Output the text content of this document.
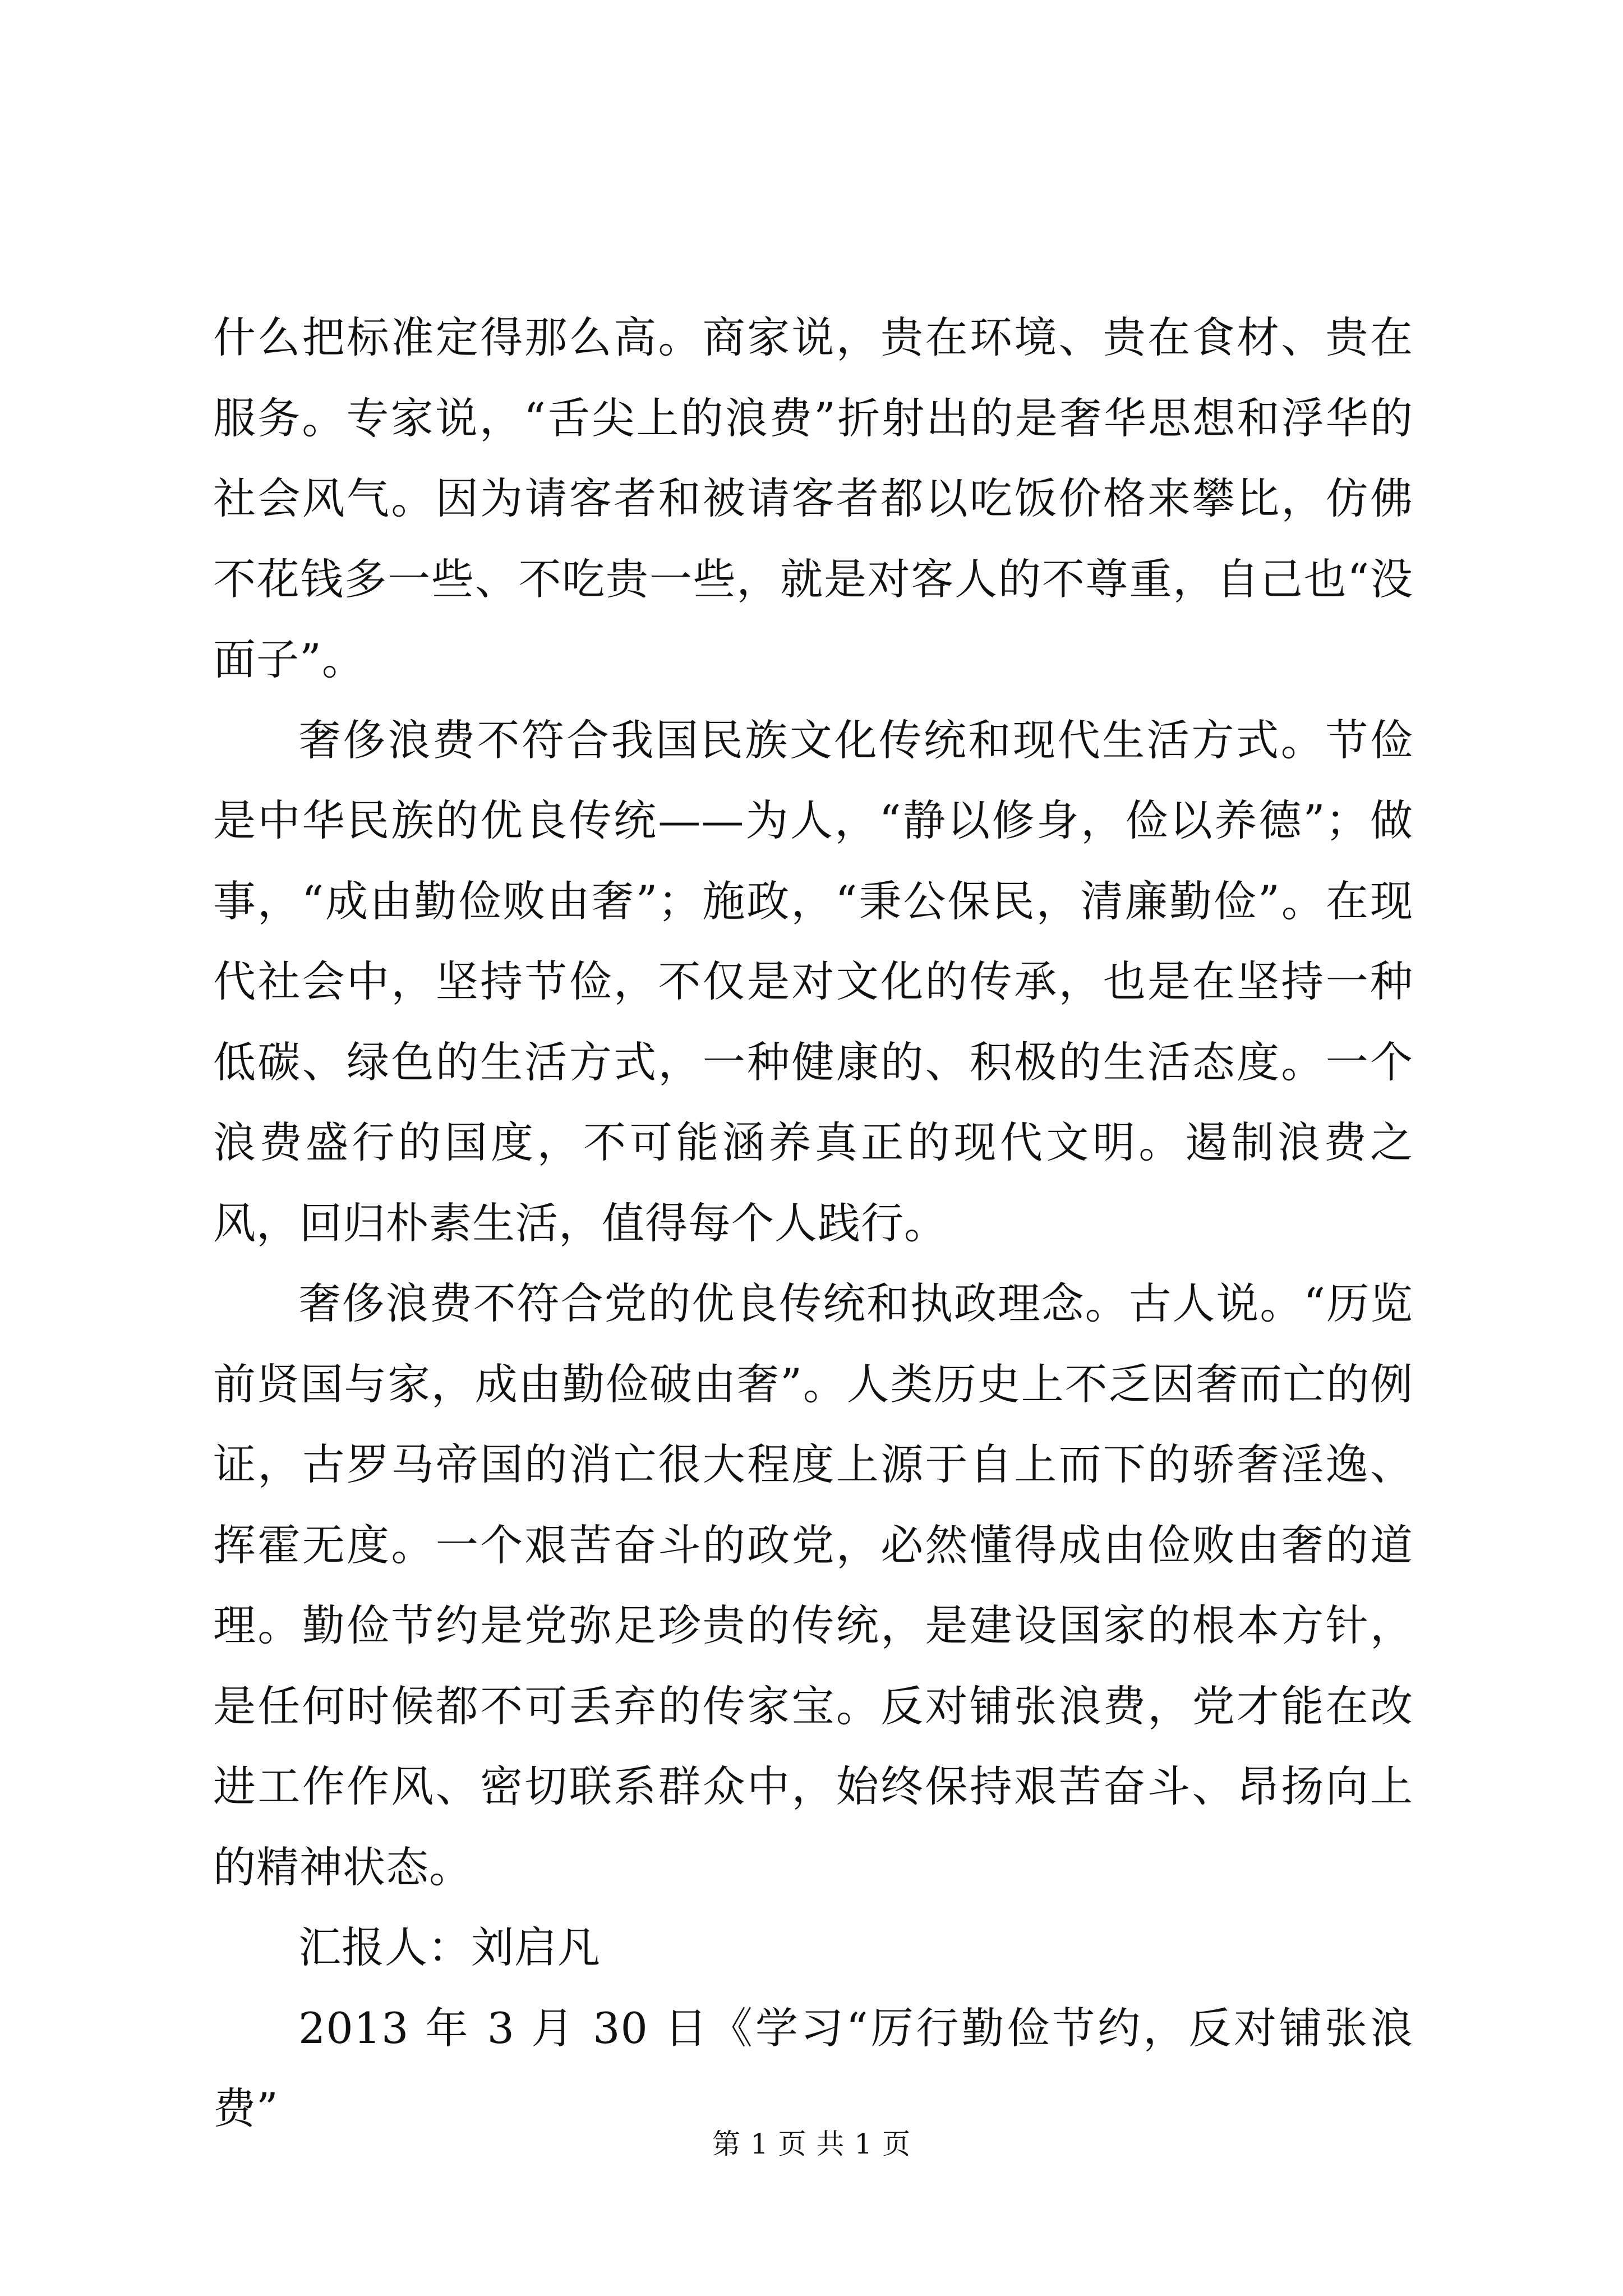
什么把标准定得那么高。商家说，贵在环境、贵在食材、贵在服务。专家说，“舌尖上的浪费”折射出的是奢华思想和浮华的社会风气。因为请客者和被请客者都以吃饭价格来攀比，仿佛不花钱多一些、不吃贵一些，就是对客人的不尊重，自己也“没面子”。

奢侈浪费不符合我国民族文化传统和现代生活方式。节俭是中华民族的优良传统——为人，“静以修身，俭以养德”；做事，“成由勤俭败由奢”；施政，“秉公保民，清廉勤俭”。在现代社会中，坚持节俭，不仅是对文化的传承，也是在坚持一种低碳、绿色的生活方式，一种健康的、积极的生活态度。一个浪费盛行的国度，不可能涵养真正的现代文明。遏制浪费之风，回归朴素生活，值得每个人践行。

奢侈浪费不符合党的优良传统和执政理念。古人说。“历览前贤国与家，成由勤俭破由奢”。人类历史上不乏因奢而亡的例证，古罗马帝国的消亡很大程度上源于自上而下的骄奢淫逸、挥霍无度。一个艰苦奋斗的政党，必然懂得成由俭败由奢的道理。勤俭节约是党弥足珍贵的传统，是建设国家的根本方针，是任何时候都不可丢弃的传家宝。反对铺张浪费，党才能在改进工作作风、密切联系群众中，始终保持艰苦奋斗、昂扬向上的精神状态。

汇报人：刘启凡

2013 年 3 月 30 日《学习“厉行勤俭节约，反对铺张浪费”

第 1 页 共 1 页
